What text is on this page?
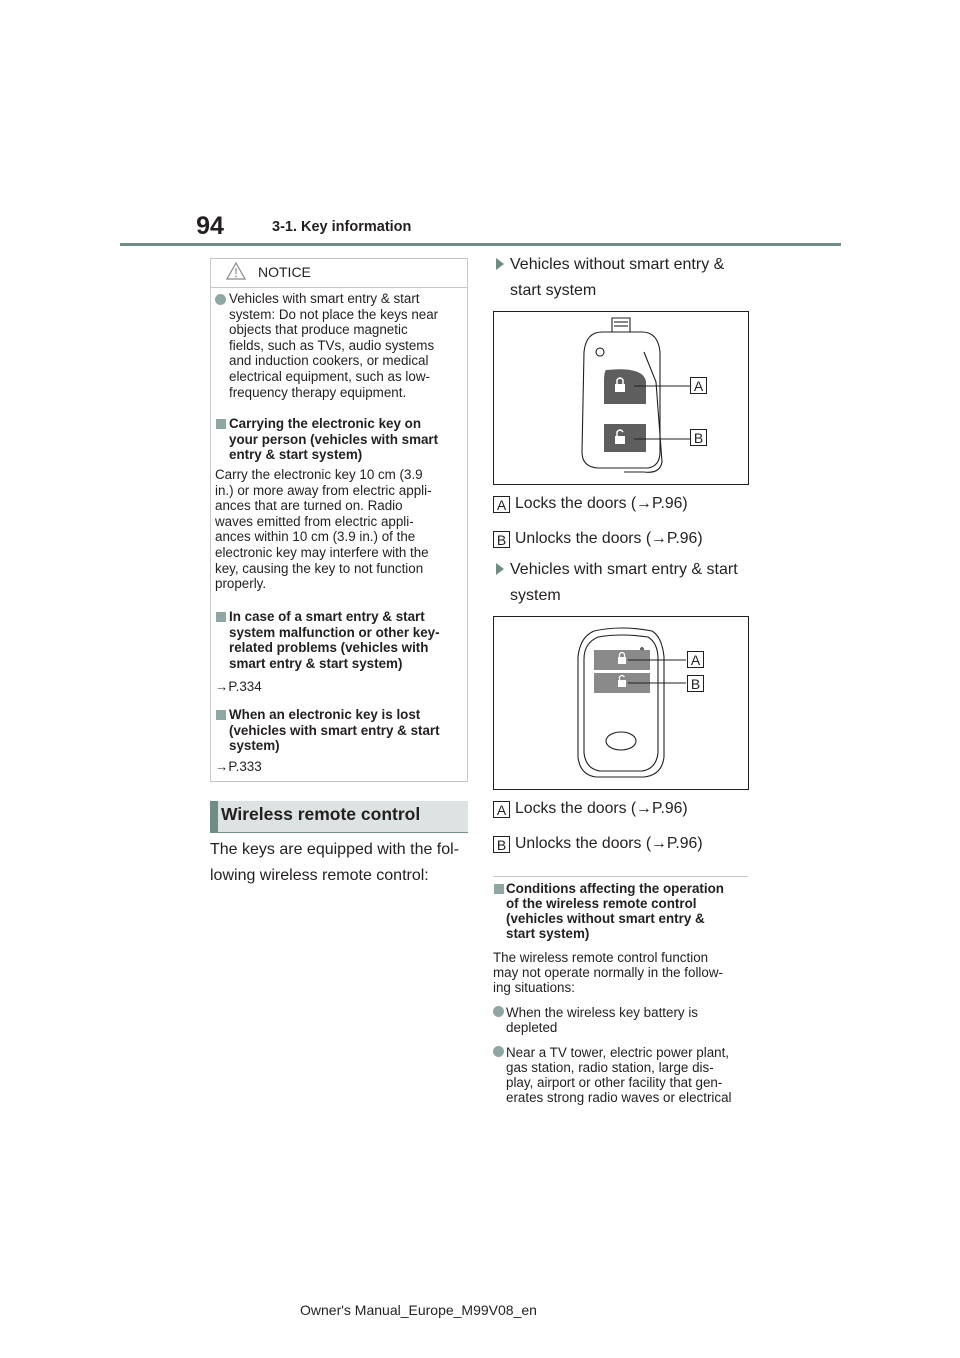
94	3-1. Key information
NOTICE
Vehicles with smart entry & start
system: Do not place the keys near
objects that produce magnetic
fields, such as TVs, audio systems
and induction cookers, or medical
electrical equipment, such as low-
frequency therapy equipment.
Carrying the electronic key on
your person (vehicles with smart
entry & start system)
Carry the electronic key 10 cm (3.9
in.) or more away from electric appli-
ances that are turned on. Radio
waves emitted from electric appli-
ances within 10 cm (3.9 in.) of the
electronic key may interfere with the
key, causing the key to not function
properly.
In case of a smart entry & start
system malfunction or other key-
related problems (vehicles with
smart entry & start system)
→P.334
When an electronic key is lost
(vehicles with smart entry & start
system)
→P.333
Wireless remote control
The keys are equipped with the fol-
lowing wireless remote control:
Vehicles without smart entry &
start system
A
B
A Locks the doors (→P.96)
B Unlocks the doors (→P.96)
Vehicles with smart entry & start
system
A
B
A Locks the doors (→P.96)
B Unlocks the doors (→P.96)
Conditions affecting the operation
of the wireless remote control
(vehicles without smart entry &
start system)
The wireless remote control function
may not operate normally in the follow-
ing situations:
When the wireless key battery is
depleted
Near a TV tower, electric power plant,
gas station, radio station, large dis-
play, airport or other facility that gen-
erates strong radio waves or electrical
Owner's Manual_Europe_M99V08_en
